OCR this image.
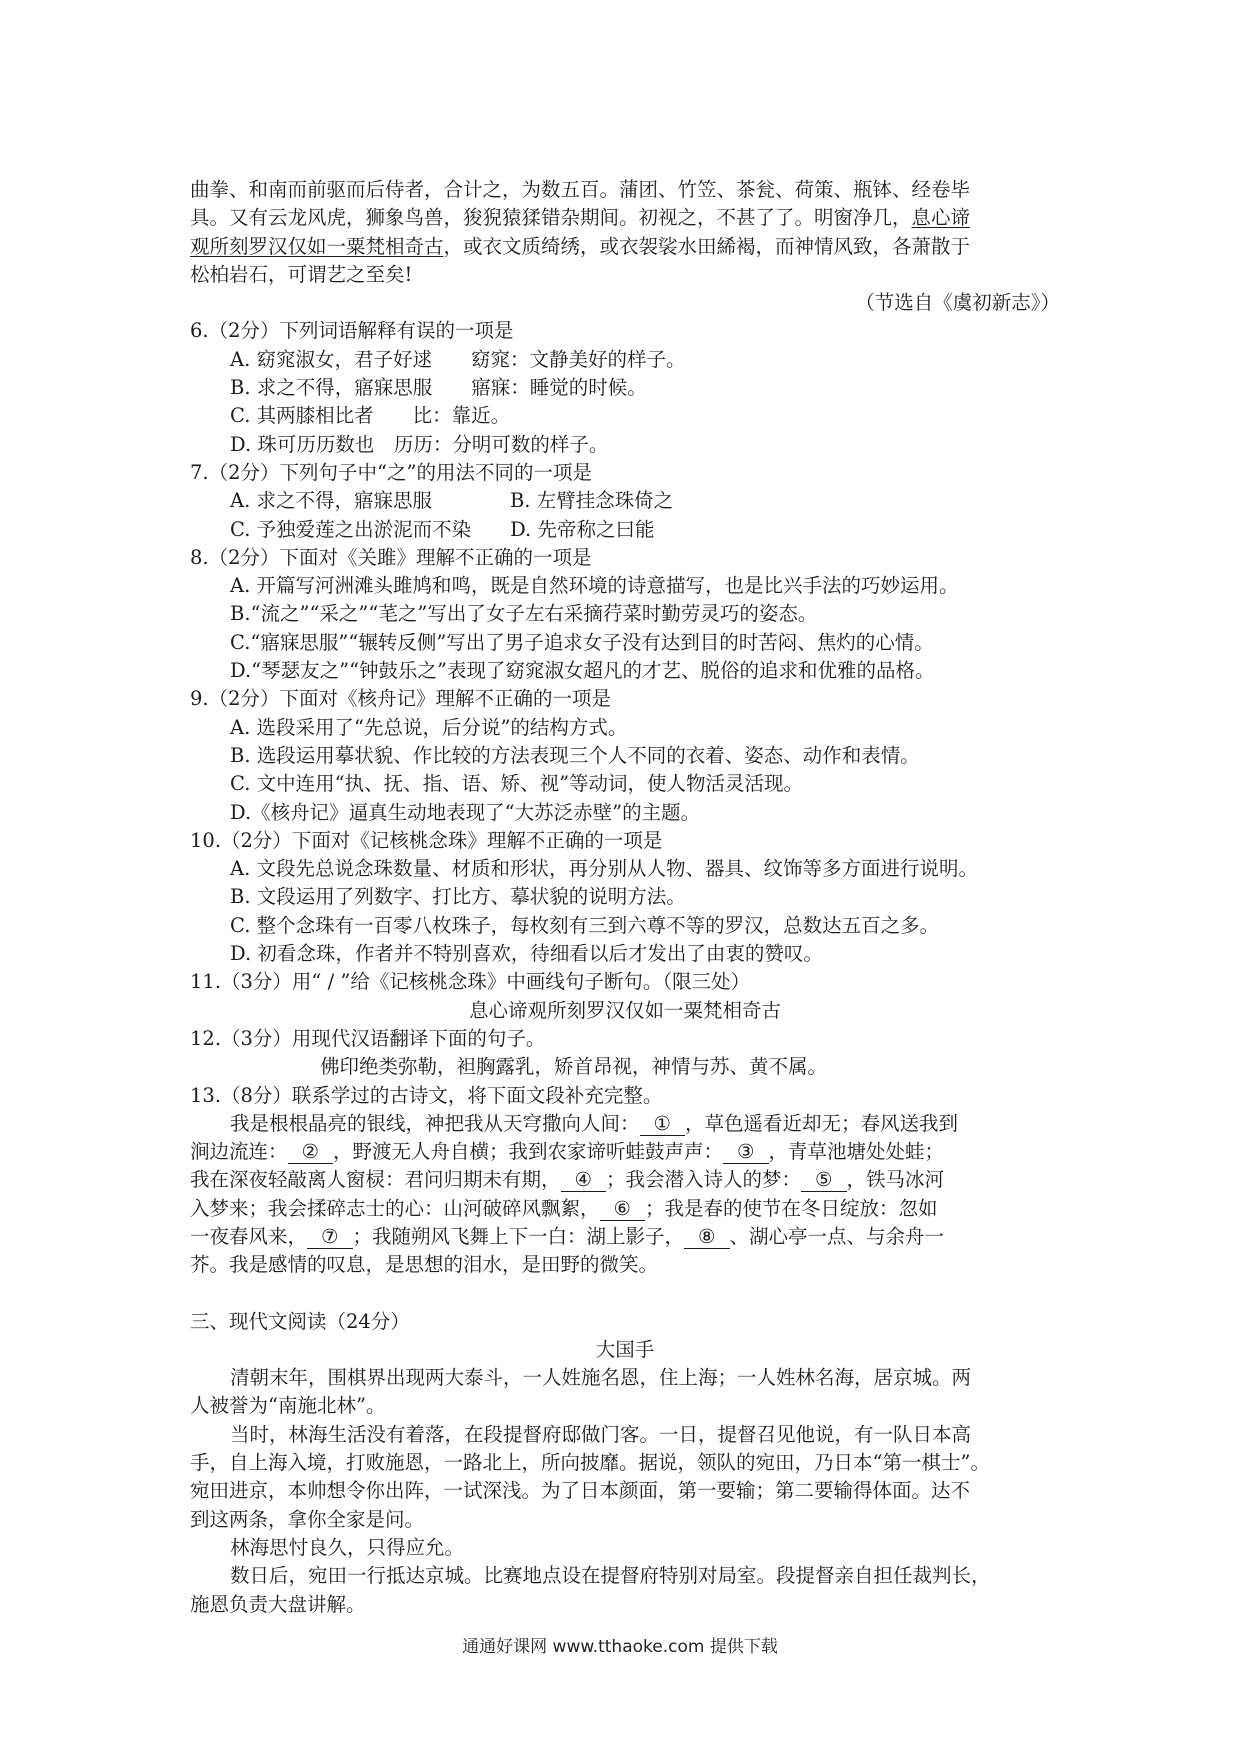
曲拳、和南而前驱而后侍者，合计之，为数五百。蒲团、竹笠、茶瓮、荷策、瓶钵、经卷毕
具。又有云龙风虎，狮象鸟兽，狻猊猿猱错杂期间。初视之，不甚了了。明窗净几，息心谛
观所刻罗汉仅如一粟梵相奇古，或衣文质绮绣，或衣袈裟水田絺褐，而神情风致，各萧散于
松柏岩石，可谓艺之至矣!
（节选自《虞初新志》）
6.（2分）下列词语解释有误的一项是
A. 窈窕淑女，君子好逑　　窈窕：文静美好的样子。
B. 求之不得，寤寐思服　　寤寐：睡觉的时候。
C. 其两膝相比者　　比：靠近。
D. 珠可历历数也　历历：分明可数的样子。
7.（2分）下列句子中“之”的用法不同的一项是
A. 求之不得，寤寐思服　　　　B. 左臂挂念珠倚之
C. 予独爱莲之出淤泥而不染　　D. 先帝称之曰能
8.（2分）下面对《关雎》理解不正确的一项是
A. 开篇写河洲滩头雎鸠和鸣，既是自然环境的诗意描写，也是比兴手法的巧妙运用。
B.“流之”“采之”“芼之”写出了女子左右采摘荇菜时勤劳灵巧的姿态。
C.“寤寐思服”“辗转反侧”写出了男子追求女子没有达到目的时苦闷、焦灼的心情。
D.“琴瑟友之”“钟鼓乐之”表现了窈窕淑女超凡的才艺、脱俗的追求和优雅的品格。
9.（2分）下面对《核舟记》理解不正确的一项是
A. 选段采用了“先总说，后分说”的结构方式。
B. 选段运用摹状貌、作比较的方法表现三个人不同的衣着、姿态、动作和表情。
C. 文中连用“执、抚、指、语、矫、视”等动词，使人物活灵活现。
D.《核舟记》逼真生动地表现了“大苏泛赤壁”的主题。
10.（2分）下面对《记核桃念珠》理解不正确的一项是
A. 文段先总说念珠数量、材质和形状，再分别从人物、器具、纹饰等多方面进行说明。
B. 文段运用了列数字、打比方、摹状貌的说明方法。
C. 整个念珠有一百零八枚珠子，每枚刻有三到六尊不等的罗汉，总数达五百之多。
D. 初看念珠，作者并不特别喜欢，待细看以后才发出了由衷的赞叹。
11.（3分）用“ / ”给《记核桃念珠》中画线句子断句。（限三处）
息心谛观所刻罗汉仅如一粟梵相奇古
12.（3分）用现代汉语翻译下面的句子。
佛印绝类弥勒，袒胸露乳，矫首昂视，神情与苏、黄不属。
13.（8分）联系学过的古诗文，将下面文段补充完整。
我是根根晶亮的银线，神把我从天穹撒向人间： ① ，草色遥看近却无；春风送我到
涧边流连： ② ，野渡无人舟自横；我到农家谛听蛙鼓声声： ③ ，青草池塘处处蛙；
我在深夜轻敲离人窗棂：君问归期未有期， ④ ；我会潜入诗人的梦： ⑤ ，铁马冰河
入梦来；我会揉碎志士的心：山河破碎风飘絮， ⑥ ；我是春的使节在冬日绽放：忽如
一夜春风来， ⑦ ；我随朔风飞舞上下一白：湖上影子， ⑧ 、湖心亭一点、与余舟一
芥。我是感情的叹息，是思想的泪水，是田野的微笑。
三、现代文阅读（24分）
大国手
清朝末年，围棋界出现两大泰斗，一人姓施名恩，住上海；一人姓林名海，居京城。两
人被誉为“南施北林”。
当时，林海生活没有着落，在段提督府邸做门客。一日，提督召见他说，有一队日本高
手，自上海入境，打败施恩，一路北上，所向披靡。据说，领队的宛田，乃日本“第一棋士”。
宛田进京，本帅想令你出阵，一试深浅。为了日本颜面，第一要输；第二要输得体面。达不
到这两条，拿你全家是问。
林海思忖良久，只得应允。
数日后，宛田一行抵达京城。比赛地点设在提督府特别对局室。段提督亲自担任裁判长，
施恩负责大盘讲解。
通通好课网 www.tthaoke.com 提供下载
